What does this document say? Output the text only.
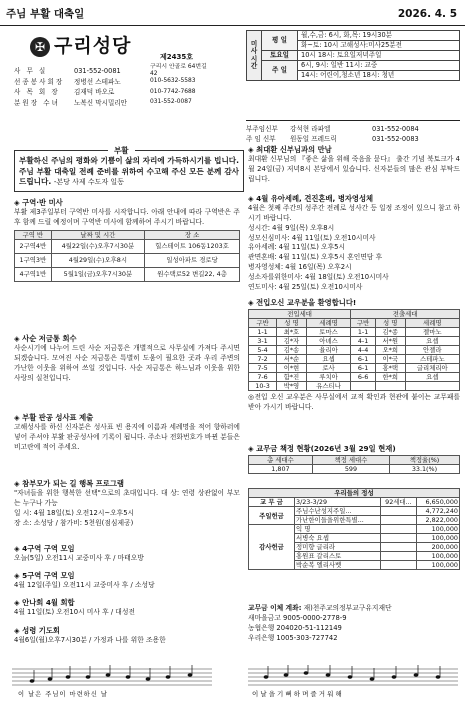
주님 부활 대축일	2026. 4. 5
✠ 구리성당	제2435호
사 무 실	031-552-0081
구리시 안골로 64번길42
선종봉사회장	정병선 스테파노	010-5632-5583
사 목 회 장	김재덕 바오로	010-7742-7688
분원장 수녀	노복신 막시밀리안	031-552-0087
미
사
시
간	평 일	월,수,금: 6시, 화,목: 19시30분
		화~토: 10시 고해성사:미사25분전
	토요일	10시 18시: 토요일저녁주일
	주 일	6시, 9시: 일반 11시: 교중
		14시: 어린이,청소년 18시: 청년
부주임신부	강석현 라파엘	031-552-0084
주 임 신부	원동일 프레드릭	031-552-0083
부활하신 주님의 평화와 기쁨이 삶의 자리에 가득하시기를 빕니다. 주님 부활 대축일 전례 준비를 위하여 수고해 주신 모든 분께 감사드립니다. -본당 사제 수도자 일동
부활
◈ 구역·반 미사

부활 제3주일부터 구역반 미사를 시작합니다. 아래 안내에 따라 구역반은 주후 함께 드릴 예정이며 구역반 미사에 함께하여 주시기 바랍니다.

구역 반	날짜 및 시간	장 소
2구역4반	4월22일(수)오후7시30분	힐스테이트 106동1203호
1구역3반	4월29일(수)오후8시	일성아파트 경로당
4구역1반	5월1일(금)오후7시30분	원수택로52 변길22, 4층
◈ 사순 저금통 회수

사순시기에 나누어 드린 사순 저금통은 개별적으로 사무실에 가져다 주시면 되겠습니다. 모여진 사순 저금통은 특별히 도움이 필요한 곳과 우리 주변의 가난한 이웃을 위하여 쓰일 것입니다. 사순 저금통은 하느님과 이웃을 위한 사랑의 실천입니다.

◈ 부활 판공 성사표 제출

고해성사를 하신 신자분은 성사표 빈 용지에 이름과 세례명을 적어 향하러에 넣어 주셔야 부활 판공성사에 기록이 됩니다. 주소나 전화번호가 바뀐 분들은 비고란에 적어 주세요.

◈ 참부모가 되는 길 행복 프로그램

"자녀들을 위한 행복한 선택"으로의 초대입니다. 대 상: 연령 상관없이 부모는 누구나 가능
일 시: 4월 18일(토) 오전12시~오후5시
장 소: 소성당 / 참가비: 5천원(점심제공)

◈ 4구역 구역 모임

오늘(5일) 오전11시 교중미사 후 / 마태오방

◈ 5구역 구역 모임

4월 12일(주일) 오전11시 교중미사 후 / 소성당

◈ 안나회 4월 회합

4월 11일(토) 오전10시 미사 후 / 대성전

◈ 성령 기도회

4월6일(월)오후7시30분 / 가정과 나를 위한 조용한

이 날은 주님이 마련하신 날
◈ 최대환 신부님과의 만남

최대환 신부님의 『좋은 삶을 위해 죽음을 묻다』 출간 기념 북토크가 4월 24일(금) 저녁8시 본당에서 있습니다. 신자분들의 많은 관심 부탁드립니다.

◈ 4월 유아세례, 견진혼배, 병자영성체

4월은 첫째 주간의 성주간 전례로 성사간 등 일정 조정이 있으니 참고 하시기 바랍니다.
성시간: 4월 9일(목) 오후8시
성모신심미사: 4월 11일(토) 오전10시미사
유아세례: 4월 11일(토) 오후5시
관면혼배: 4월 11일(토) 오후5시 혼인면담 후
병자영성체: 4월 16일(목) 오후2시
성소자를위한미사: 4월 18일(토) 오전10시미사
연도미사: 4월 25일(토) 오전10시미사

◈ 전입오신 교우분을 환영합니다!
전입세대			전출세대		
구반	성 명	세례명	구반	성 명	세례명
1-1	최*호	토마스	1-1	김*종	젤마노
3-1	김*자	아녜스	4-1	서*원	요셉
5-4	김*송	율리아	4-4	오*희	안젤라
7-2	서*순	요셉	6-1	이*국	스테파노
7-5	이*현	로사	6-1	홍*택	글리체리아
7-6	함*진	루치아	6-6	한*희	요셉
10-3	박*영	유스티나			

◎전입 오신 교우분은 사무실에서 교적 확인과 현관에 붙이는 교무패를 받아 가시기 바랍니다.

◈ 교무금 책정 현황(2026년 3월 29일 현재)
총 세대수	책정 세대수	책정율(%)
1,807	599	33.1(%)
우리들의 정성			
교 무 금	3/23-3/29	92세대...	6,650,000
주일헌금	주님수난성지주일...		4,772,240
	가난한이들을위한특별...		2,822,000
감사헌금	익 명		100,000
	서병숙 요셉		100,000
	정미향 글리라		200,000
	홍원표 갈리스토		100,000
	박순복 엘리사벳		100,000

교무금 이체 계좌: 재)천주교의정부교구유지재단

새마을금고 9005-0000-2778-9

농협은행 204020-51-112149

우리은행 1005-303-727742

이 날 을 기 뻐 하 며 즐 거 워 해
